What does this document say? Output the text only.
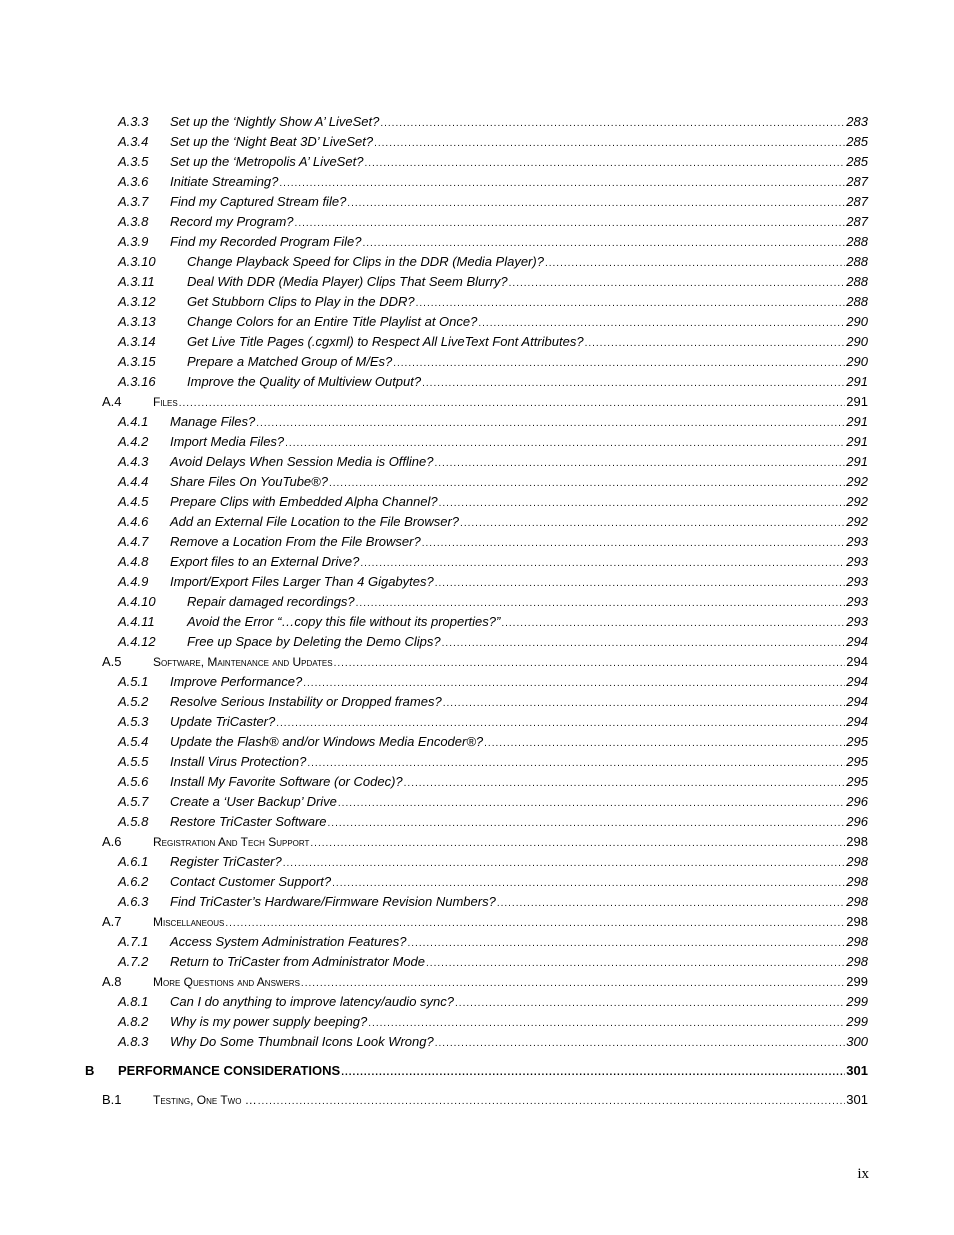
A.3.3 Set up the ‘Nightly Show A’ LiveSet? .....	283
A.3.4 Set up the ‘Night Beat 3D’ LiveSet? .....	285
A.3.5 Set up the ‘Metropolis A’ LiveSet? .....	285
A.3.6 Initiate Streaming? .....	287
A.3.7 Find my Captured Stream file? .....	287
A.3.8 Record my Program? .....	287
A.3.9 Find my Recorded Program File? .....	288
A.3.10 Change Playback Speed for Clips in the DDR (Media Player)? .....	288
A.3.11 Deal With DDR (Media Player) Clips That Seem Blurry? .....	288
A.3.12 Get Stubborn Clips to Play in the DDR? .....	288
A.3.13 Change Colors for an Entire Title Playlist at Once? .....	290
A.3.14 Get Live Title Pages (.cgxml) to Respect All LiveText Font Attributes? .....	290
A.3.15 Prepare a Matched Group of M/Es? .....	290
A.3.16 Improve the Quality of Multiview Output? .....	291
A.4	Files .....	291
A.4.1 Manage Files? .....	291
A.4.2 Import Media Files? .....	291
A.4.3 Avoid Delays When Session Media is Offline? .....	291
A.4.4 Share Files On YouTube®? .....	292
A.4.5 Prepare Clips with Embedded Alpha Channel? .....	292
A.4.6 Add an External File Location to the File Browser? .....	292
A.4.7 Remove a Location From the File Browser? .....	293
A.4.8 Export files to an External Drive? .....	293
A.4.9 Import/Export Files Larger Than 4 Gigabytes? .....	293
A.4.10 Repair damaged recordings? .....	293
A.4.11 Avoid the Error “…copy this file without its properties?” .....	293
A.4.12 Free up Space by Deleting the Demo Clips? .....	294
A.5	Software, Maintenance and Updates .....	294
A.5.1 Improve Performance? .....	294
A.5.2 Resolve Serious Instability or Dropped frames? .....	294
A.5.3 Update TriCaster? .....	294
A.5.4 Update the Flash® and/or Windows Media Encoder®? .....	295
A.5.5 Install Virus Protection? .....	295
A.5.6 Install My Favorite Software (or Codec)? .....	295
A.5.7 Create a ‘User Backup’ Drive .....	296
A.5.8 Restore TriCaster Software .....	296
A.6	Registration And Tech Support .....	298
A.6.1 Register TriCaster? .....	298
A.6.2 Contact Customer Support? .....	298
A.6.3 Find TriCaster’s Hardware/Firmware Revision Numbers? .....	298
A.7	Miscellaneous .....	298
A.7.1 Access System Administration Features? .....	298
A.7.2 Return to TriCaster from Administrator Mode .....	298
A.8	More Questions and Answers .....	299
A.8.1 Can I do anything to improve latency/audio sync? .....	299
A.8.2 Why is my power supply beeping? .....	299
A.8.3 Why Do Some Thumbnail Icons Look Wrong? .....	300
B PERFORMANCE CONSIDERATIONS .....	301
B.1	Testing, One Two … .....	301
ix
